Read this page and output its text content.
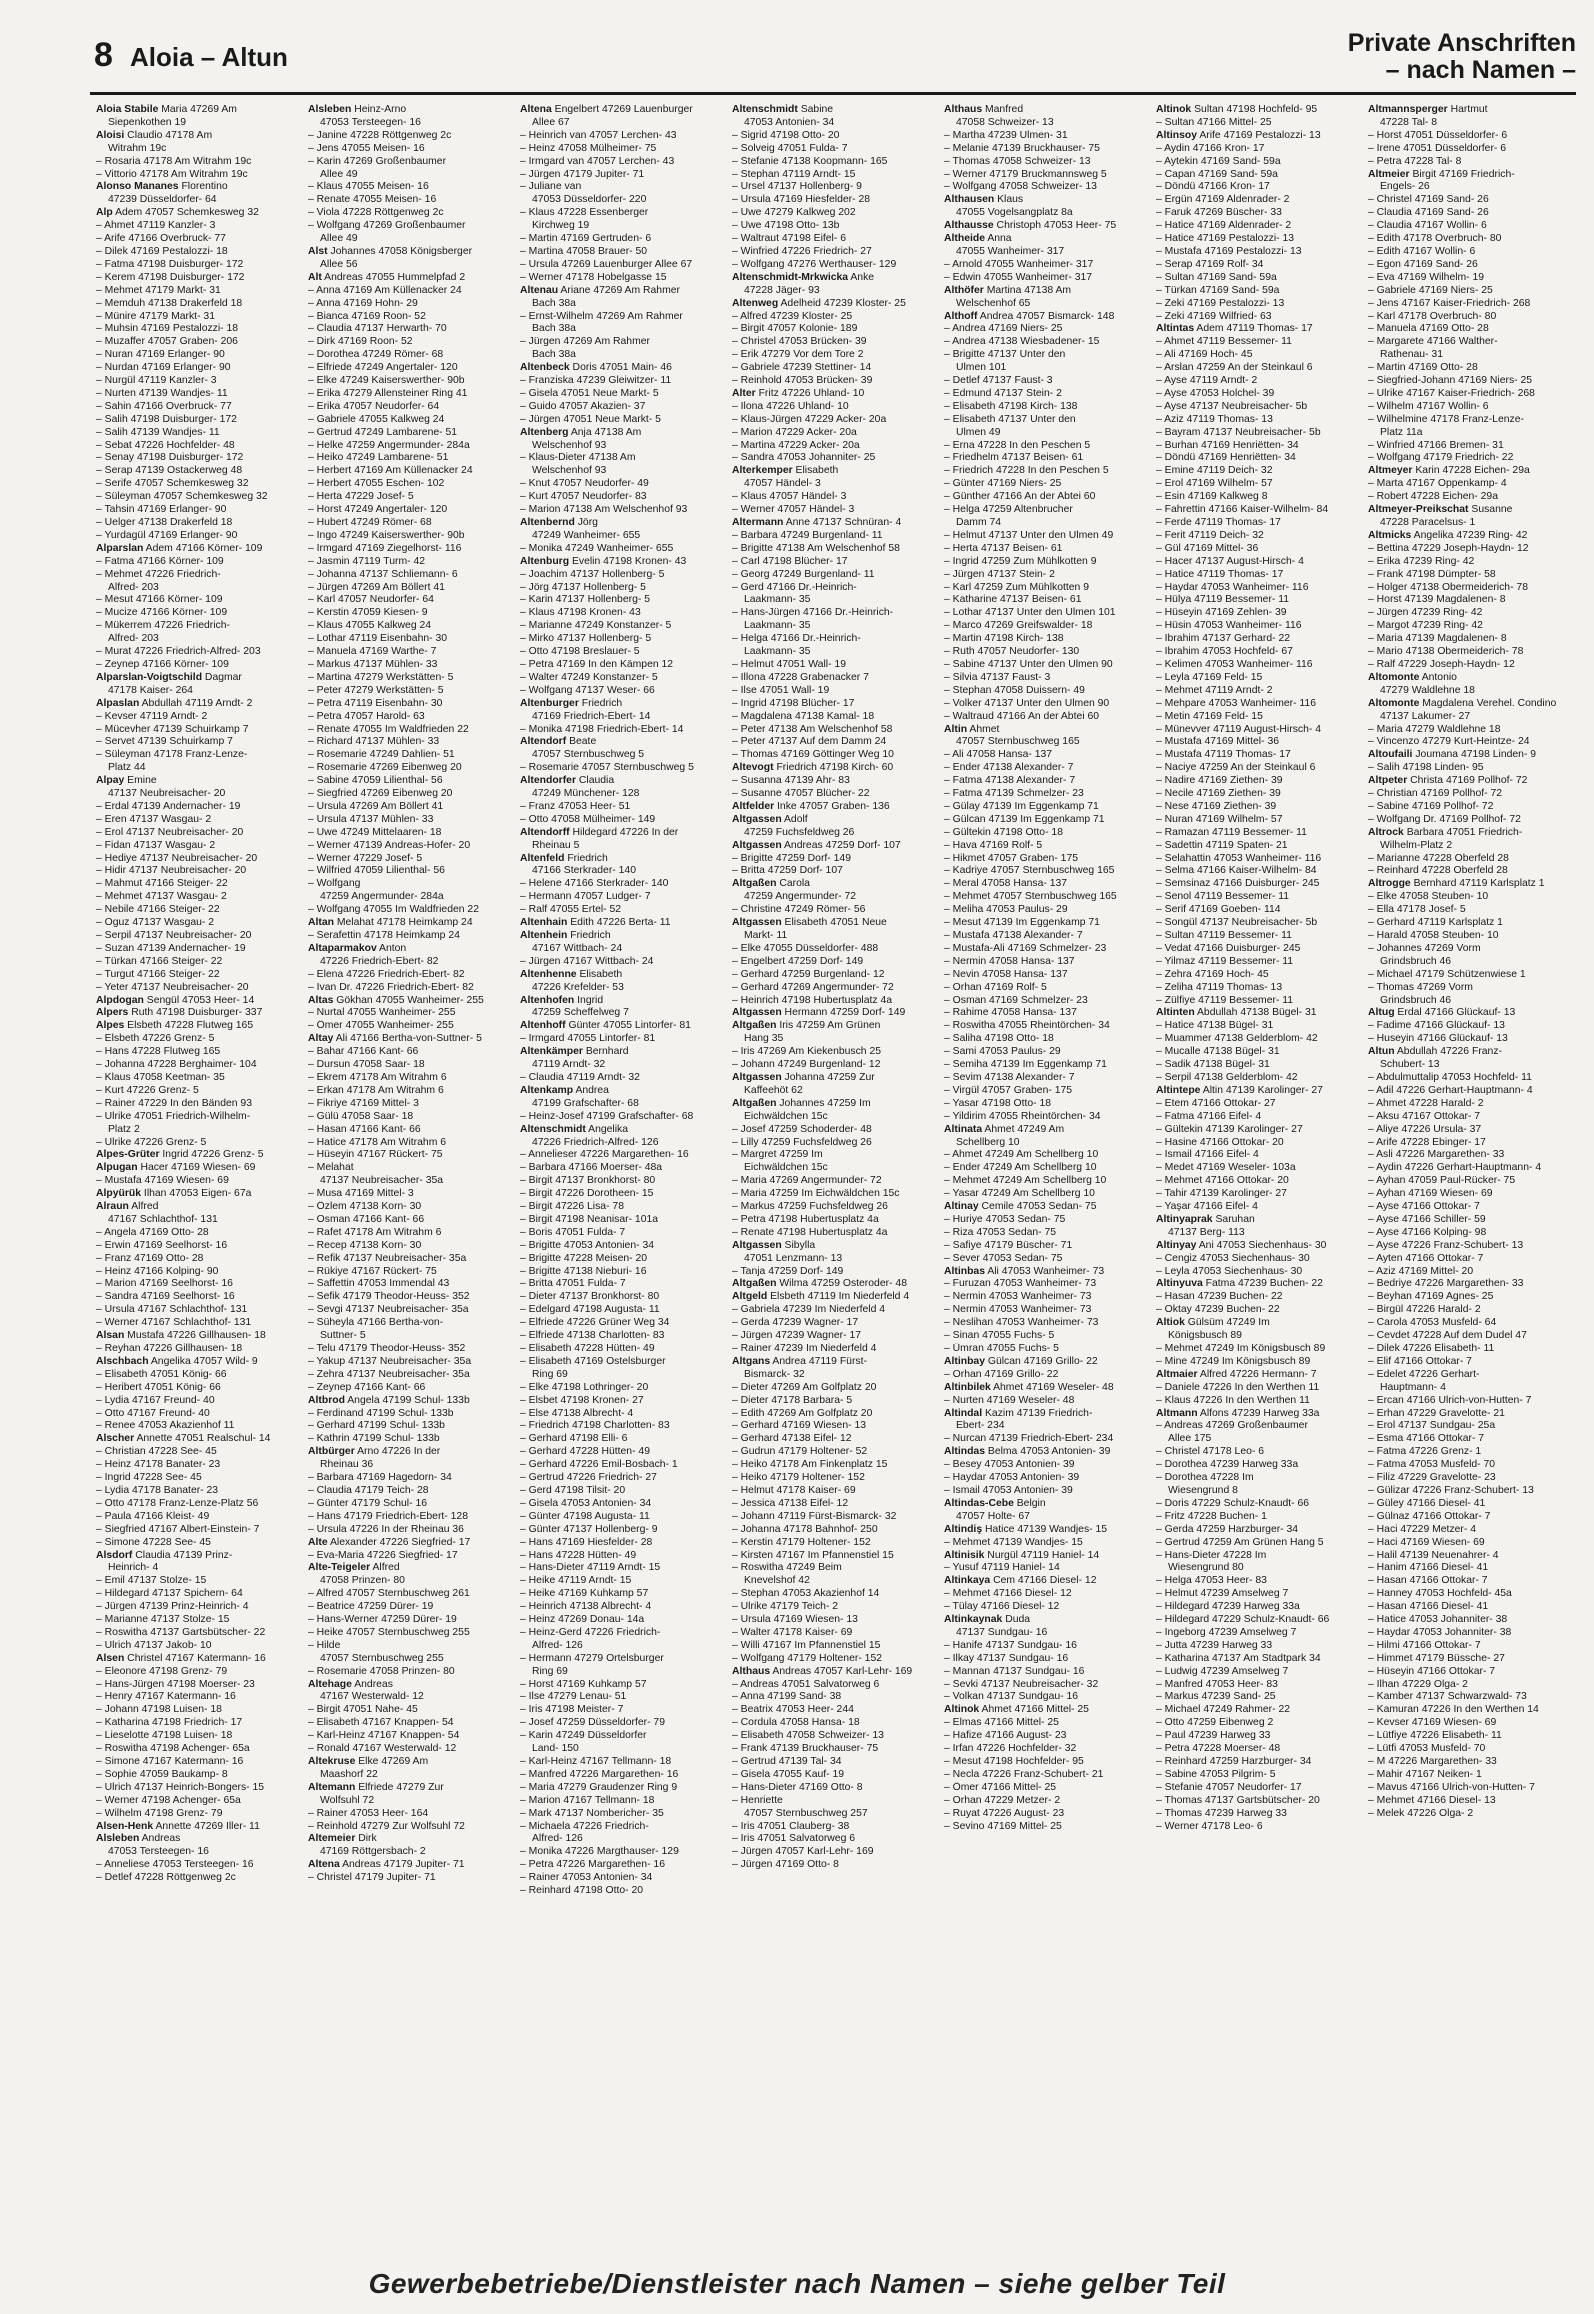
8 Aloia – Altun	Private Anschriften
– nach Namen –
Aloia Stabile Maria 47269 Am
Siepenkothen 19
Aloisi Claudio 47178 Am
Witrahm 19c
– Rosaria 47178 Am Witrahm 19c
– Vittorio 47178 Am Witrahm 19c
Alonso Mananes Florentino
47239 Düsseldorfer- 64
Alp Adem 47057 Schemkesweg 32
– Ahmet 47119 Kanzler- 3
– Arife 47166 Overbruck- 77
– Dilek 47169 Pestalozzi- 18
– Fatma 47198 Duisburger- 172
– Kerem 47198 Duisburger- 172
– Mehmet 47179 Markt- 31
– Memduh 47138 Drakerfeld 18
– Münire 47179 Markt- 31
– Muhsin 47169 Pestalozzi- 18
– Muzaffer 47057 Graben- 206
– Nuran 47169 Erlanger- 90
– Nurdan 47169 Erlanger- 90
– Nurgül 47119 Kanzler- 3
– Nurten 47139 Wandjes- 11
– Sahin 47166 Overbruck- 77
– Salih 47198 Duisburger- 172
– Salih 47139 Wandjes- 11
– Sebat 47226 Hochfelder- 48
– Senay 47198 Duisburger- 172
– Serap 47139 Ostackerweg 48
– Serife 47057 Schemkesweg 32
– Süleyman 47057 Schemkesweg 32
– Tahsin 47169 Erlanger- 90
– Uelger 47138 Drakerfeld 18
– Yurdagül 47169 Erlanger- 90
Alparslan Adem 47166 Körner- 109
– Fatma 47166 Körner- 109
– Mehmet 47226 Friedrich-
Alfred- 203
– Mesut 47166 Körner- 109
– Mucize 47166 Körner- 109
– Mükerrem 47226 Friedrich-
Alfred- 203
– Murat 47226 Friedrich-Alfred- 203
– Zeynep 47166 Körner- 109
Alparslan-Voigtschild Dagmar
47178 Kaiser- 264
Alpaslan Abdullah 47119 Arndt- 2
– Kevser 47119 Arndt- 2
– Mücevher 47139 Schuirkamp 7
– Servet 47139 Schuirkamp 7
– Süleyman 47178 Franz-Lenze-
Platz 44
Alpay Emine
47137 Neubreisacher- 20
– Erdal 47139 Andernacher- 19
– Eren 47137 Wasgau- 2
– Erol 47137 Neubreisacher- 20
– Fidan 47137 Wasgau- 2
– Hediye 47137 Neubreisacher- 20
– Hidir 47137 Neubreisacher- 20
– Mahmut 47166 Steiger- 22
– Mehmet 47137 Wasgau- 2
– Nebile 47166 Steiger- 22
– Oguz 47137 Wasgau- 2
– Serpil 47137 Neubreisacher- 20
– Suzan 47139 Andernacher- 19
– Türkan 47166 Steiger- 22
– Turgut 47166 Steiger- 22
– Yeter 47137 Neubreisacher- 20
Alpdogan Sengül 47053 Heer- 14
Alpers Ruth 47198 Duisburger- 337
Alpes Elsbeth 47228 Flutweg 165
– Elsbeth 47226 Grenz- 5
– Hans 47228 Flutweg 165
– Johanna 47228 Berghaimer- 104
– Klaus 47058 Keetman- 35
– Kurt 47226 Grenz- 5
– Rainer 47229 In den Bänden 93
– Ulrike 47051 Friedrich-Wilhelm-
Platz 2
– Ulrike 47226 Grenz- 5
Alpes-Grüter Ingrid 47226 Grenz- 5
Alpugan Hacer 47169 Wiesen- 69
– Mustafa 47169 Wiesen- 69
Alpyürük İlhan 47053 Eigen- 67a
Alraun Alfred
47167 Schlachthof- 131
– Angela 47169 Otto- 28
– Erwin 47169 Seelhorst- 16
– Franz 47169 Otto- 28
– Heinz 47166 Kolping- 90
– Marion 47169 Seelhorst- 16
– Sandra 47169 Seelhorst- 16
– Ursula 47167 Schlachthof- 131
– Werner 47167 Schlachthof- 131
Alsan Mustafa 47226 Gillhausen- 18
– Reyhan 47226 Gillhausen- 18
Alschbach Angelika 47057 Wild- 9
– Elisabeth 47051 König- 66
– Heribert 47051 König- 66
– Lydia 47167 Freund- 40
– Otto 47167 Freund- 40
– Renee 47053 Akazienhof 11
Alscher Annette 47051 Realschul- 14
– Christian 47228 See- 45
– Heinz 47178 Banater- 23
– Ingrid 47228 See- 45
– Lydia 47178 Banater- 23
– Otto 47178 Franz-Lenze-Platz 56
– Paula 47166 Kleist- 49
– Siegfried 47167 Albert-Einstein- 7
– Simone 47228 See- 45
Alsdorf Claudia 47139 Prinz-
Heinrich- 4
– Emil 47137 Stolze- 15
– Hildegard 47137 Spichern- 64
– Jürgen 47139 Prinz-Heinrich- 4
– Marianne 47137 Stolze- 15
– Roswitha 47137 Gartsbütscher- 22
– Ulrich 47137 Jakob- 10
Alsen Christel 47167 Katermann- 16
– Eleonore 47198 Grenz- 79
– Hans-Jürgen 47198 Moerser- 23
– Henry 47167 Katermann- 16
– Johann 47198 Luisen- 18
– Katharina 47198 Friedrich- 17
– Lieselotte 47198 Luisen- 18
– Roswitha 47198 Achenger- 65a
– Simone 47167 Katermann- 16
– Sophie 47059 Baukamp- 8
– Ulrich 47137 Heinrich-Bongers- 15
– Werner 47198 Achenger- 65a
– Wilhelm 47198 Grenz- 79
Alsen-Henk Annette 47269 Iller- 11
Alsleben Andreas
47053 Tersteegen- 16
– Anneliese 47053 Tersteegen- 16
– Detlef 47228 Röttgenweg 2c
Alsleben Heinz-Arno
47053 Tersteegen- 16
– Janine 47228 Röttgenweg 2c
– Jens 47055 Meisen- 16
– Karin 47269 Großenbaumer
Allee 49
– Klaus 47055 Meisen- 16
– Renate 47055 Meisen- 16
– Viola 47228 Röttgenweg 2c
– Wolfgang 47269 Großenbaumer
Allee 49
Alst Johannes 47058 Königsberger
Allee 56
Alt Andreas 47055 Hummelpfad 2
– Anna 47169 Am Küllenacker 24
– Anna 47169 Hohn- 29
– Bianca 47169 Roon- 52
– Claudia 47137 Herwarth- 70
– Dirk 47169 Roon- 52
– Dorothea 47249 Römer- 68
– Elfriede 47249 Angertaler- 120
– Elke 47249 Kaiserswerther- 90b
– Erika 47279 Allensteiner Ring 41
– Erika 47057 Neudorfer- 64
– Gabriele 47055 Kalkweg 24
– Gertrud 47249 Lambarene- 51
– Helke 47259 Angermunder- 284a
– Heiko 47249 Lambarene- 51
– Herbert 47169 Am Küllenacker 24
– Herbert 47055 Eschen- 102
– Herta 47229 Josef- 5
– Horst 47249 Angertaler- 120
– Hubert 47249 Römer- 68
– Ingo 47249 Kaiserswerther- 90b
– Irmgard 47169 Ziegelhorst- 116
– Jasmin 47119 Turm- 42
– Johanna 47137 Schliemann- 6
– Jürgen 47269 Am Böllert 41
– Karl 47057 Neudorfer- 64
– Kerstin 47059 Kiesen- 9
– Klaus 47055 Kalkweg 24
– Lothar 47119 Eisenbahn- 30
– Manuela 47169 Warthe- 7
– Markus 47137 Mühlen- 33
– Martina 47279 Werkstätten- 5
– Peter 47279 Werkstätten- 5
– Petra 47119 Eisenbahn- 30
– Petra 47057 Harold- 63
– Renate 47055 Im Waldfrieden 22
– Richard 47137 Mühlen- 33
– Rosemarie 47249 Dahlien- 51
– Rosemarie 47269 Eibenweg 20
– Sabine 47059 Lilienthal- 56
– Siegfried 47269 Eibenweg 20
– Ursula 47269 Am Böllert 41
– Ursula 47137 Mühlen- 33
– Uwe 47249 Mittelaaren- 18
– Werner 47139 Andreas-Hofer- 20
– Werner 47229 Josef- 5
– Wilfried 47059 Lilienthal- 56
– Wolfgang
47259 Angermunder- 284a
– Wolfgang 47055 Im Waldfrieden 22
Altan Melahat 47178 Heimkamp 24
– Serafettin 47178 Heimkamp 24
Altaparmakov Anton
47226 Friedrich-Ebert- 82
– Elena 47226 Friedrich-Ebert- 82
– Ivan Dr. 47226 Friedrich-Ebert- 82
Altas Gökhan 47055 Wanheimer- 255
– Nurtal 47055 Wanheimer- 255
– Ömer 47055 Wanheimer- 255
Altay Ali 47166 Bertha-von-Suttner- 5
– Bahar 47166 Kant- 66
– Dursun 47058 Saar- 18
– Ekrem 47178 Am Witrahm 6
– Erkan 47178 Am Witrahm 6
– Fikriye 47169 Mittel- 3
– Gülü 47058 Saar- 18
– Hasan 47166 Kant- 66
– Hatice 47178 Am Witrahm 6
– Hüseyin 47167 Rückert- 75
– Melahat
47137 Neubreisacher- 35a
– Musa 47169 Mittel- 3
– Özlem 47138 Korn- 30
– Osman 47166 Kant- 66
– Rafet 47178 Am Witrahm 6
– Recep 47138 Korn- 30
– Refik 47137 Neubreisacher- 35a
– Rükiye 47167 Rückert- 75
– Saffettin 47053 Immendal 43
– Sefik 47179 Theodor-Heuss- 352
– Sevgi 47137 Neubreisacher- 35a
– Süheyla 47166 Bertha-von-
Suttner- 5
– Telu 47179 Theodor-Heuss- 352
– Yakup 47137 Neubreisacher- 35a
– Zehra 47137 Neubreisacher- 35a
– Zeynep 47166 Kant- 66
Altbrod Angela 47199 Schul- 133b
– Ferdinand 47199 Schul- 133b
– Gerhard 47199 Schul- 133b
– Kathrin 47199 Schul- 133b
Altbürger Arno 47226 In der
Rheinau 36
– Barbara 47169 Hagedorn- 34
– Claudia 47179 Teich- 28
– Günter 47179 Schul- 16
– Hans 47179 Friedrich-Ebert- 128
– Ursula 47226 In der Rheinau 36
Alte Alexander 47226 Siegfried- 17
– Eva-Maria 47226 Siegfried- 17
Alte-Teigeler Alfred
47058 Prinzen- 80
– Alfred 47057 Sternbuschweg 261
– Beatrice 47259 Dürer- 19
– Hans-Werner 47259 Dürer- 19
– Heike 47057 Sternbuschweg 255
– Hilde
47057 Sternbuschweg 255
– Rosemarie 47058 Prinzen- 80
Altehage Andreas
47167 Westerwald- 12
– Birgit 47051 Nahe- 45
– Elisabeth 47167 Knappen- 54
– Karl-Heinz 47167 Knappen- 54
– Ronald 47167 Westerwald- 12
Altekruse Elke 47269 Am
Maashorf 22
Altemann Elfriede 47279 Zur
Wolfsuhl 72
– Rainer 47053 Heer- 164
– Reinhold 47279 Zur Wolfsuhl 72
Altemeier Dirk
47169 Röttgersbach- 2
Altena Andreas 47179 Jupiter- 71
– Christel 47179 Jupiter- 71
Altena Engelbert 47269 Lauenburger
Allee 67
– Heinrich van 47057 Lerchen- 43
– Heinz 47058 Mülheimer- 75
– Irmgard van 47057 Lerchen- 43
– Jürgen 47179 Jupiter- 71
– Juliane van
47053 Düsseldorfer- 220
– Klaus 47228 Essenberger
Kirchweg 19
– Martin 47169 Gertruden- 6
– Martina 47058 Brauer- 50
– Ursula 47269 Lauenburger Allee 67
– Werner 47178 Hobelgasse 15
Altenau Ariane 47269 Am Rahmer
Bach 38a
– Ernst-Wilhelm 47269 Am Rahmer
Bach 38a
– Jürgen 47269 Am Rahmer
Bach 38a
Altenbeck Doris 47051 Main- 46
– Franziska 47239 Gleiwitzer- 11
– Gisela 47051 Neue Markt- 5
– Guido 47057 Akazien- 37
– Jürgen 47051 Neue Markt- 5
Altenberg Anja 47138 Am
Welschenhof 93
– Klaus-Dieter 47138 Am
Welschenhof 93
– Knut 47057 Neudorfer- 49
– Kurt 47057 Neudorfer- 83
– Marion 47138 Am Welschenhof 93
Altenbernd Jörg
47249 Wanheimer- 655
– Monika 47249 Wanheimer- 655
Altenburg Evelin 47198 Kronen- 43
– Joachim 47137 Hollenberg- 5
– Jörg 47137 Hollenberg- 5
– Karin 47137 Hollenberg- 5
– Klaus 47198 Kronen- 43
– Marianne 47249 Konstanzer- 5
– Mirko 47137 Hollenberg- 5
– Otto 47198 Breslauer- 5
– Petra 47169 In den Kämpen 12
– Walter 47249 Konstanzer- 5
– Wolfgang 47137 Weser- 66
Altenburger Friedrich
47169 Friedrich-Ebert- 14
– Monika 47198 Friedrich-Ebert- 14
Altendorf Beate
47057 Sternbuschweg 5
– Rosemarie 47057 Sternbuschweg 5
Altendorfer Claudia
47249 Münchener- 128
– Franz 47053 Heer- 51
– Otto 47058 Mülheimer- 149
Altendorff Hildegard 47226 In der
Rheinau 5
Altenfeld Friedrich
47166 Sterkrader- 140
– Helene 47166 Sterkrader- 140
– Hermann 47057 Ludger- 7
– Ralf 47055 Ertel- 52
Altenhain Edith 47226 Berta- 11
Altenhein Friedrich
47167 Wittbach- 24
– Jürgen 47167 Wittbach- 24
Altenhenne Elisabeth
47226 Krefelder- 53
Altenhofen Ingrid
47259 Scheffelweg 7
Altenhoff Günter 47055 Lintorfer- 81
– Irmgard 47055 Lintorfer- 81
Altenkämper Bernhard
47119 Arndt- 32
– Claudia 47119 Arndt- 32
Altenkamp Andrea
47199 Grafschafter- 68
– Heinz-Josef 47199 Grafschafter- 68
Altenschmidt Angelika
47226 Friedrich-Alfred- 126
– Annelieser 47226 Margarethen- 16
– Barbara 47166 Moerser- 48a
– Birgit 47137 Bronkhorst- 80
– Birgit 47226 Dorotheen- 15
– Birgit 47226 Lisa- 78
– Birgit 47198 Neanisar- 101a
– Boris 47051 Fulda- 7
– Brigitte 47053 Antonien- 34
– Brigitte 47228 Meisen- 20
– Brigitte 47138 Nieburi- 16
– Britta 47051 Fulda- 7
– Dieter 47137 Bronkhorst- 80
– Edelgard 47198 Augusta- 11
– Elfriede 47226 Grüner Weg 34
– Elfriede 47138 Charlotten- 83
– Elisabeth 47228 Hütten- 49
– Elisabeth 47169 Ostelsburger
Ring 69
– Elke 47198 Lothringer- 20
– Elsbet 47198 Kronen- 27
– Else 47138 Albrecht- 4
– Friedrich 47198 Charlotten- 83
– Gerhard 47198 Elli- 6
– Gerhard 47228 Hütten- 49
– Gerhard 47226 Emil-Bosbach- 1
– Gertrud 47226 Friedrich- 27
– Gerd 47198 Tilsit- 20
– Gisela 47053 Antonien- 34
– Günter 47198 Augusta- 11
– Günter 47137 Hollenberg- 9
– Hans 47169 Hiesfelder- 28
– Hans 47228 Hütten- 49
– Hans-Dieter 47119 Arndt- 15
– Heike 47119 Arndt- 15
– Heike 47169 Kuhkamp 57
– Heinrich 47138 Albrecht- 4
– Heinz 47269 Donau- 14a
– Heinz-Gerd 47226 Friedrich-
Alfred- 126
– Hermann 47279 Ortelsburger
Ring 69
– Horst 47169 Kuhkamp 57
– Ilse 47279 Lenau- 51
– Iris 47198 Meister- 7
– Josef 47259 Düsseldorfer- 79
– Karin 47249 Düsseldorfer
Land- 150
– Karl-Heinz 47167 Tellmann- 18
– Manfred 47226 Margarethen- 16
– Maria 47279 Graudenzer Ring 9
– Marion 47167 Tellmann- 18
– Mark 47137 Nombericher- 35
– Michaela 47226 Friedrich-
Alfred- 126
– Monika 47226 Margthauser- 129
– Petra 47226 Margarethen- 16
– Rainer 47053 Antonien- 34
– Reinhard 47198 Otto- 20
Altenschmidt Sabine
47053 Antonien- 34
– Sigrid 47198 Otto- 20
– Solveig 47051 Fulda- 7
– Stefanie 47138 Koopmann- 165
– Stephan 47119 Arndt- 15
– Ursel 47137 Hollenberg- 9
– Ursula 47169 Hiesfelder- 28
– Uwe 47279 Kalkweg 202
– Uwe 47198 Otto- 13b
– Waltraut 47198 Eifel- 6
– Winfried 47226 Friedrich- 27
– Wolfgang 47276 Werthauser- 129
Altenschmidt-Mrkwicka Anke
47228 Jäger- 93
Altenweg Adelheid 47239 Kloster- 25
– Alfred 47239 Kloster- 25
– Birgit 47057 Kolonie- 189
– Christel 47053 Brücken- 39
– Erik 47279 Vor dem Tore 2
– Gabriele 47239 Stettiner- 14
– Reinhold 47053 Brücken- 39
Alter Fritz 47226 Uhland- 10
– Ilona 47226 Uhland- 10
– Klaus-Jürgen 47229 Acker- 20a
– Marion 47229 Acker- 20a
– Martina 47229 Acker- 20a
– Sandra 47053 Johanniter- 25
Alterkemper Elisabeth
47057 Händel- 3
– Klaus 47057 Händel- 3
– Werner 47057 Händel- 3
Altermann Anne 47137 Schnüran- 4
– Barbara 47249 Burgenland- 11
– Brigitte 47138 Am Welschenhof 58
– Carl 47198 Blücher- 17
– Georg 47249 Burgenland- 11
– Gerd 47166 Dr.-Heinrich-
Laakmann- 35
– Hans-Jürgen 47166 Dr.-Heinrich-
Laakmann- 35
– Helga 47166 Dr.-Heinrich-
Laakmann- 35
– Helmut 47051 Wall- 19
– Illona 47228 Grabenacker 7
– Ilse 47051 Wall- 19
– Ingrid 47198 Blücher- 17
– Magdalena 47138 Kamal- 18
– Peter 47138 Am Welschenhof 58
– Peter 47137 Auf dem Damm 24
– Thomas 47169 Göttinger Weg 10
Altevogt Friedrich 47198 Kirch- 60
– Susanna 47139 Ahr- 83
– Susanne 47057 Blücher- 22
Altfelder Inke 47057 Graben- 136
Altgassen Adolf
47259 Fuchsfeldweg 26
Altgassen Andreas 47259 Dorf- 107
– Brigitte 47259 Dorf- 149
– Britta 47259 Dorf- 107
Altgaßen Carola
47259 Angermunder- 72
– Christine 47249 Römer- 56
Altgassen Elisabeth 47051 Neue
Markt- 11
– Elke 47055 Düsseldorfer- 488
– Engelbert 47259 Dorf- 149
– Gerhard 47259 Burgenland- 12
– Gerhard 47269 Angermunder- 72
– Heinrich 47198 Hubertusplatz 4a
Altgassen Hermann 47259 Dorf- 149
Altgaßen Iris 47259 Am Grünen
Hang 35
– Iris 47269 Am Kiekenbusch 25
– Johann 47249 Burgenland- 12
Altgassen Johanna 47259 Zur
Kaffeehöt 62
Altgaßen Johannes 47259 Im
Eichwäldchen 15c
– Josef 47259 Schoderder- 48
– Lilly 47259 Fuchsfeldweg 26
– Margret 47259 Im
Eichwäldchen 15c
– Maria 47269 Angermunder- 72
– Maria 47259 Im Eichwäldchen 15c
– Markus 47259 Fuchsfeldweg 26
– Petra 47198 Hubertusplatz 4a
– Renate 47198 Hubertusplatz 4a
Altgassen Sibylla
47051 Lenzmann- 13
– Tanja 47259 Dorf- 149
Altgaßen Wilma 47259 Osteroder- 48
Altgeld Elsbeth 47119 Im Niederfeld 4
– Gabriela 47239 Im Niederfeld 4
– Gerda 47239 Wagner- 17
– Jürgen 47239 Wagner- 17
– Rainer 47239 Im Niederfeld 4
Altgans Andrea 47119 Fürst-
Bismarck- 32
– Dieter 47269 Am Golfplatz 20
– Dieter 47178 Barbara- 5
– Edith 47269 Am Golfplatz 20
– Gerhard 47169 Wiesen- 13
– Gerhard 47138 Eifel- 12
– Gudrun 47179 Holtener- 52
– Heiko 47178 Am Finkenplatz 15
– Heiko 47179 Holtener- 152
– Helmut 47178 Kaiser- 69
– Jessica 47138 Eifel- 12
– Johann 47119 Fürst-Bismarck- 32
– Johanna 47178 Bahnhof- 250
– Kerstin 47179 Holtener- 152
– Kirsten 47167 Im Pfannenstiel 15
– Roswitha 47249 Beim
Knevelshof 42
– Stephan 47053 Akazienhof 14
– Ulrike 47179 Teich- 2
– Ursula 47169 Wiesen- 13
– Walter 47178 Kaiser- 69
– Willi 47167 Im Pfannenstiel 15
– Wolfgang 47179 Holtener- 152
Althaus Andreas 47057 Karl-Lehr- 169
– Andreas 47051 Salvatorweg 6
– Anna 47199 Sand- 38
– Beatrix 47053 Heer- 244
– Cordula 47058 Hansa- 18
– Elisabeth 47058 Schweizer- 13
– Frank 47139 Bruckhauser- 75
– Gertrud 47139 Tal- 34
– Gisela 47055 Kauf- 19
– Hans-Dieter 47169 Otto- 8
– Henriette
47057 Sternbuschweg 257
– Iris 47051 Clauberg- 38
– Iris 47051 Salvatorweg 6
– Jürgen 47057 Karl-Lehr- 169
– Jürgen 47169 Otto- 8
Althaus Manfred
47058 Schweizer- 13
– Martha 47239 Ulmen- 31
– Melanie 47139 Bruckhauser- 75
– Thomas 47058 Schweizer- 13
– Werner 47179 Bruckmannsweg 5
– Wolfgang 47058 Schweizer- 13
Althausen Klaus
47055 Vogelsangplatz 8a
Althausse Christoph 47053 Heer- 75
Altheide Anna
47055 Wanheimer- 317
– Arnold 47055 Wanheimer- 317
– Edwin 47055 Wanheimer- 317
Althöfer Martina 47138 Am
Welschenhof 65
Althoff Andrea 47057 Bismarck- 148
– Andrea 47169 Niers- 25
– Andrea 47138 Wiesbadener- 15
– Brigitte 47137 Unter den
Ulmen 101
– Detlef 47137 Faust- 3
– Edmund 47137 Stein- 2
– Elisabeth 47198 Kirch- 138
– Elisabeth 47137 Unter den
Ulmen 49
– Erna 47228 In den Peschen 5
– Friedhelm 47137 Beisen- 61
– Friedrich 47228 In den Peschen 5
– Günter 47169 Niers- 25
– Günther 47166 An der Abtei 60
– Helga 47259 Altenbrucher
Damm 74
– Helmut 47137 Unter den Ulmen 49
– Herta 47137 Beisen- 61
– Ingrid 47259 Zum Mühlkotten 9
– Jürgen 47137 Stein- 2
– Karl 47259 Zum Mühlkotten 9
– Katharine 47137 Beisen- 61
– Lothar 47137 Unter den Ulmen 101
– Marco 47269 Greifswalder- 18
– Martin 47198 Kirch- 138
– Ruth 47057 Neudorfer- 130
– Sabine 47137 Unter den Ulmen 90
– Silvia 47137 Faust- 3
– Stephan 47058 Duissern- 49
– Volker 47137 Unter den Ulmen 90
– Waltraud 47166 An der Abtei 60
Altin Ahmet
47057 Sternbuschweg 165
– Ali 47058 Hansa- 137
– Ender 47138 Alexander- 7
– Fatma 47138 Alexander- 7
– Fatma 47139 Schmelzer- 23
– Gülay 47139 Im Eggenkamp 71
– Gülcan 47139 Im Eggenkamp 71
– Gültekin 47198 Otto- 18
– Hava 47169 Rolf- 5
– Hikmet 47057 Graben- 175
– Kadriye 47057 Sternbuschweg 165
– Meral 47058 Hansa- 137
– Mehmet 47057 Sternbuschweg 165
– Meliha 47053 Paulus- 29
– Mesut 47139 Im Eggenkamp 71
– Mustafa 47138 Alexander- 7
– Mustafa-Ali 47169 Schmelzer- 23
– Nermin 47058 Hansa- 137
– Nevin 47058 Hansa- 137
– Orhan 47169 Rolf- 5
– Osman 47169 Schmelzer- 23
– Rahime 47058 Hansa- 137
– Roswitha 47055 Rheintörchen- 34
– Saliha 47198 Otto- 18
– Sami 47053 Paulus- 29
– Semiha 47139 Im Eggenkamp 71
– Sevim 47138 Alexander- 7
– Virgül 47057 Graben- 175
– Yasar 47198 Otto- 18
– Yildirim 47055 Rheintörchen- 34
Altinata Ahmet 47249 Am
Schellberg 10
– Ahmet 47249 Am Schellberg 10
– Ender 47249 Am Schellberg 10
– Mehmet 47249 Am Schellberg 10
– Yasar 47249 Am Schellberg 10
Altinay Cemile 47053 Sedan- 75
– Huriye 47053 Sedan- 75
– Riza 47053 Sedan- 75
– Safiye 47179 Büscher- 71
– Sever 47053 Sedan- 75
Altinbas Ali 47053 Wanheimer- 73
– Furuzan 47053 Wanheimer- 73
– Nermin 47053 Wanheimer- 73
– Nermin 47053 Wanheimer- 73
– Neslihan 47053 Wanheimer- 73
– Sinan 47055 Fuchs- 5
– Ümran 47055 Fuchs- 5
Altinbay Gülcan 47169 Grillo- 22
– Orhan 47169 Grillo- 22
Altinbilek Ahmet 47169 Weseler- 48
– Nurten 47169 Weseler- 48
Altindal Kazim 47139 Friedrich-
Ebert- 234
– Nurcan 47139 Friedrich-Ebert- 234
Altindas Belma 47053 Antonien- 39
– Besey 47053 Antonien- 39
– Haydar 47053 Antonien- 39
– Ismail 47053 Antonien- 39
Altindas-Cebe Belgin
47057 Holte- 67
Altindiş Hatice 47139 Wandjes- 15
– Mehmet 47139 Wandjes- 15
Altinisik Nurgül 47119 Haniel- 14
– Yusuf 47119 Haniel- 14
Altinkaya Cem 47166 Diesel- 12
– Mehmet 47166 Diesel- 12
– Tülay 47166 Diesel- 12
Altinkaynak Duda
47137 Sundgau- 16
– Hanife 47137 Sundgau- 16
– Ilkay 47137 Sundgau- 16
– Mannan 47137 Sundgau- 16
– Sevki 47137 Neubreisacher- 32
– Volkan 47137 Sundgau- 16
Altinok Ahmet 47166 Mittel- 25
– Elmas 47166 Mittel- 25
– Hafize 47166 August- 23
– Irfan 47226 Hochfelder- 32
– Mesut 47198 Hochfelder- 95
– Necla 47226 Franz-Schubert- 21
– Ömer 47166 Mittel- 25
– Orhan 47229 Metzer- 2
– Ruyat 47226 August- 23
– Sevino 47169 Mittel- 25
Altinok Sultan 47198 Hochfeld- 95
– Sultan 47166 Mittel- 25
Altinsoy Arife 47169 Pestalozzi- 13
– Aydin 47166 Kron- 17
– Aytekin 47169 Sand- 59a
– Capan 47169 Sand- 59a
– Döndü 47166 Kron- 17
– Ergün 47169 Aldenrader- 2
– Faruk 47269 Büscher- 33
– Hatice 47169 Aldenrader- 2
– Hatice 47169 Pestalozzi- 13
– Mustafa 47169 Pestalozzi- 13
– Serap 47169 Rolf- 34
– Sultan 47169 Sand- 59a
– Türkan 47169 Sand- 59a
– Zeki 47169 Pestalozzi- 13
– Zeki 47169 Wilfried- 63
Altintas Adem 47119 Thomas- 17
– Ahmet 47119 Bessemer- 11
– Ali 47169 Hoch- 45
– Arslan 47259 An der Steinkaul 6
– Ayse 47119 Arndt- 2
– Ayse 47053 Holchel- 39
– Ayse 47137 Neubreisacher- 5b
– Aziz 47119 Thomas- 13
– Bayram 47137 Neubreisacher- 5b
– Burhan 47169 Henriëtten- 34
– Döndü 47169 Henriëtten- 34
– Emine 47119 Deich- 32
– Erol 47169 Wilhelm- 57
– Esin 47169 Kalkweg 8
– Fahrettin 47166 Kaiser-Wilhelm- 84
– Ferde 47119 Thomas- 17
– Ferit 47119 Deich- 32
– Gül 47169 Mittel- 36
– Hacer 47137 August-Hirsch- 4
– Hatice 47119 Thomas- 17
– Haydar 47053 Wanheimer- 116
– Hülya 47119 Bessemer- 11
– Hüseyin 47169 Zehlen- 39
– Hüsin 47053 Wanheimer- 116
– Ibrahim 47137 Gerhard- 22
– Ibrahim 47053 Hochfeld- 67
– Kelimen 47053 Wanheimer- 116
– Leyla 47169 Feld- 15
– Mehmet 47119 Arndt- 2
– Mehpare 47053 Wanheimer- 116
– Metin 47169 Feld- 15
– Münevver 47119 August-Hirsch- 4
– Mustafa 47169 Mittel- 36
– Mustafa 47119 Thomas- 17
– Naciye 47259 An der Steinkaul 6
– Nadire 47169 Ziethen- 39
– Necile 47169 Ziethen- 39
– Nese 47169 Ziethen- 39
– Nuran 47169 Wilhelm- 57
– Ramazan 47119 Bessemer- 11
– Sadettin 47119 Spaten- 21
– Selahattin 47053 Wanheimer- 116
– Selma 47166 Kaiser-Wilhelm- 84
– Semsinaz 47166 Duisburger- 245
– Senol 47119 Bessemer- 11
– Serif 47169 Goeben- 114
– Songül 47137 Neubreisacher- 5b
– Sultan 47119 Bessemer- 11
– Vedat 47166 Duisburger- 245
– Yilmaz 47119 Bessemer- 11
– Zehra 47169 Hoch- 45
– Zeliha 47119 Thomas- 13
– Zülfiye 47119 Bessemer- 11
Altinten Abdullah 47138 Bügel- 31
– Hatice 47138 Bügel- 31
– Muammer 47138 Gelderblom- 42
– Mucalle 47138 Bügel- 31
– Sadik 47138 Bügel- 31
– Serpil 47138 Gelderblom- 42
Altintepe Altin 47139 Karolinger- 27
– Etem 47166 Ottokar- 27
– Fatma 47166 Eifel- 4
– Gültekin 47139 Karolinger- 27
– Hasine 47166 Ottokar- 20
– Ismail 47166 Eifel- 4
– Medet 47169 Weseler- 103a
– Mehmet 47166 Ottokar- 20
– Tahir 47139 Karolinger- 27
– Yaşar 47166 Eifel- 4
Altinyaprak Saruhan
47137 Berg- 113
Altinyay Ani 47053 Siechenhaus- 30
– Cengiz 47053 Siechenhaus- 30
– Leyla 47053 Siechenhaus- 30
Altinyuva Fatma 47239 Buchen- 22
– Hasan 47239 Buchen- 22
– Oktay 47239 Buchen- 22
Altiok Gülsüm 47249 Im
Königsbusch 89
– Mehmet 47249 Im Königsbusch 89
– Mine 47249 Im Königsbusch 89
Altmaier Alfred 47226 Hermann- 7
– Daniele 47226 In den Werthen 11
– Klaus 47226 In den Werthen 11
Altmann Alfons 47239 Harweg 33a
– Andreas 47269 Großenbaumer
Allee 175
– Christel 47178 Leo- 6
– Dorothea 47239 Harweg 33a
– Dorothea 47228 Im
Wiesengrund 8
– Doris 47229 Schulz-Knaudt- 66
– Fritz 47228 Buchen- 1
– Gerda 47259 Harzburger- 34
– Gertrud 47259 Am Grünen Hang 5
– Hans-Dieter 47228 Im
Wiesengrund 80
– Helga 47053 Heer- 83
– Helmut 47239 Amselweg 7
– Hildegard 47239 Harweg 33a
– Hildegard 47229 Schulz-Knaudt- 66
– Ingeborg 47239 Amselweg 7
– Jutta 47239 Harweg 33
– Katharina 47137 Am Stadtpark 34
– Ludwig 47239 Amselweg 7
– Manfred 47053 Heer- 83
– Markus 47239 Sand- 25
– Michael 47249 Rahmer- 22
– Otto 47259 Eibenweg 2
– Paul 47239 Harweg 33
– Petra 47228 Moerser- 48
– Reinhard 47259 Harzburger- 34
– Sabine 47053 Pilgrim- 5
– Stefanie 47057 Neudorfer- 17
– Thomas 47137 Gartsbütscher- 20
– Thomas 47239 Harweg 33
– Werner 47178 Leo- 6
Altmannsperger Hartmut
47228 Tal- 8
– Horst 47051 Düsseldorfer- 6
– Irene 47051 Düsseldorfer- 6
– Petra 47228 Tal- 8
Altmeier Birgit 47169 Friedrich-
Engels- 26
– Christel 47169 Sand- 26
– Claudia 47169 Sand- 26
– Claudia 47167 Wollin- 6
– Edith 47178 Overbruch- 80
– Edith 47167 Wollin- 6
– Egon 47169 Sand- 26
– Eva 47169 Wilhelm- 19
– Gabriele 47169 Niers- 25
– Jens 47167 Kaiser-Friedrich- 268
– Karl 47178 Overbruch- 80
– Manuela 47169 Otto- 28
– Margarete 47166 Walther-
Rathenau- 31
– Martin 47169 Otto- 28
– Siegfried-Johann 47169 Niers- 25
– Ulrike 47167 Kaiser-Friedrich- 268
– Wilhelm 47167 Wollin- 6
– Wilhelmine 47178 Franz-Lenze-
Platz 11a
– Winfried 47166 Bremen- 31
– Wolfgang 47179 Friedrich- 22
Altmeyer Karin 47228 Eichen- 29a
– Marta 47167 Oppenkamp- 4
– Robert 47228 Eichen- 29a
Altmeyer-Preikschat Susanne
47228 Paracelsus- 1
Altmicks Angelika 47239 Ring- 42
– Bettina 47229 Joseph-Haydn- 12
– Erika 47239 Ring- 42
– Frank 47198 Dümpter- 58
– Holger 47138 Obermeiderich- 78
– Horst 47139 Magdalenen- 8
– Jürgen 47239 Ring- 42
– Margot 47239 Ring- 42
– Maria 47139 Magdalenen- 8
– Mario 47138 Obermeiderich- 78
– Ralf 47229 Joseph-Haydn- 12
Altomonte Antonio
47279 Waldlehne 18
Altomonte Magdalena Verehel. Condino
47137 Lakumer- 27
– Maria 47279 Waldlehne 18
– Vincenzo 47279 Kurt-Heintze- 24
Altoufaili Joumana 47198 Linden- 9
– Salih 47198 Linden- 95
Altpeter Christa 47169 Pollhof- 72
– Christian 47169 Pollhof- 72
– Sabine 47169 Pollhof- 72
– Wolfgang Dr. 47169 Pollhof- 72
Altrock Barbara 47051 Friedrich-
Wilhelm-Platz 2
– Marianne 47228 Oberfeld 28
– Reinhard 47228 Oberfeld 28
Altrogge Bernhard 47119 Karlsplatz 1
– Elke 47058 Steuben- 10
– Ella 47178 Josef- 5
– Gerhard 47119 Karlsplatz 1
– Harald 47058 Steuben- 10
– Johannes 47269 Vorm
Grindsbruch 46
– Michael 47179 Schützenwiese 1
– Thomas 47269 Vorm
Grindsbruch 46
Altug Erdal 47166 Glückauf- 13
– Fadime 47166 Glückauf- 13
– Huseyin 47166 Glückauf- 13
Altun Abdullah 47226 Franz-
Schubert- 13
– Abdulmuttalip 47053 Hochfeld- 11
– Adil 47226 Gerhart-Hauptmann- 4
– Ahmet 47228 Harald- 2
– Aksu 47167 Ottokar- 7
– Aliye 47226 Ursula- 37
– Arife 47228 Ebinger- 17
– Asli 47226 Margarethen- 33
– Aydin 47226 Gerhart-Hauptmann- 4
– Ayhan 47059 Paul-Rücker- 75
– Ayhan 47169 Wiesen- 69
– Ayse 47166 Ottokar- 7
– Ayse 47166 Schiller- 59
– Ayse 47166 Kolping- 98
– Ayse 47226 Franz-Schubert- 13
– Ayten 47166 Ottokar- 7
– Aziz 47169 Mittel- 20
– Bedriye 47226 Margarethen- 33
– Beyhan 47169 Agnes- 25
– Birgül 47226 Harald- 2
– Carola 47053 Musfeld- 64
– Cevdet 47228 Auf dem Dudel 47
– Dilek 47226 Elisabeth- 11
– Elif 47166 Ottokar- 7
– Edelet 47226 Gerhart-
Hauptmann- 4
– Ercan 47166 Ulrich-von-Hutten- 7
– Erhan 47229 Gravelotte- 21
– Erol 47137 Sundgau- 25a
– Esma 47166 Ottokar- 7
– Fatma 47226 Grenz- 1
– Fatma 47053 Musfeld- 70
– Filiz 47229 Gravelotte- 23
– Gülizar 47226 Franz-Schubert- 13
– Güley 47166 Diesel- 41
– Gülnaz 47166 Ottokar- 7
– Haci 47229 Metzer- 4
– Haci 47169 Wiesen- 69
– Halil 47139 Neuenahrer- 4
– Hanim 47166 Diesel- 41
– Hasan 47166 Ottokar- 7
– Hanney 47053 Hochfeld- 45a
– Hasan 47166 Diesel- 41
– Hatice 47053 Johanniter- 38
– Haydar 47053 Johanniter- 38
– Hilmi 47166 Ottokar- 7
– Himmet 47179 Büssche- 27
– Hüseyin 47166 Ottokar- 7
– Ilhan 47229 Olga- 2
– Kamber 47137 Schwarzwald- 73
– Kamuran 47226 In den Werthen 14
– Kevser 47169 Wiesen- 69
– Lütfiye 47226 Elisabeth- 11
– Lütfi 47053 Musfeld- 70
– M 47226 Margarethen- 33
– Mahir 47167 Neiken- 1
– Mavus 47166 Ulrich-von-Hutten- 7
– Mehmet 47166 Diesel- 13
– Melek 47226 Olga- 2
Gewerbebetriebe/Dienstleister nach Namen – siehe gelber Teil
